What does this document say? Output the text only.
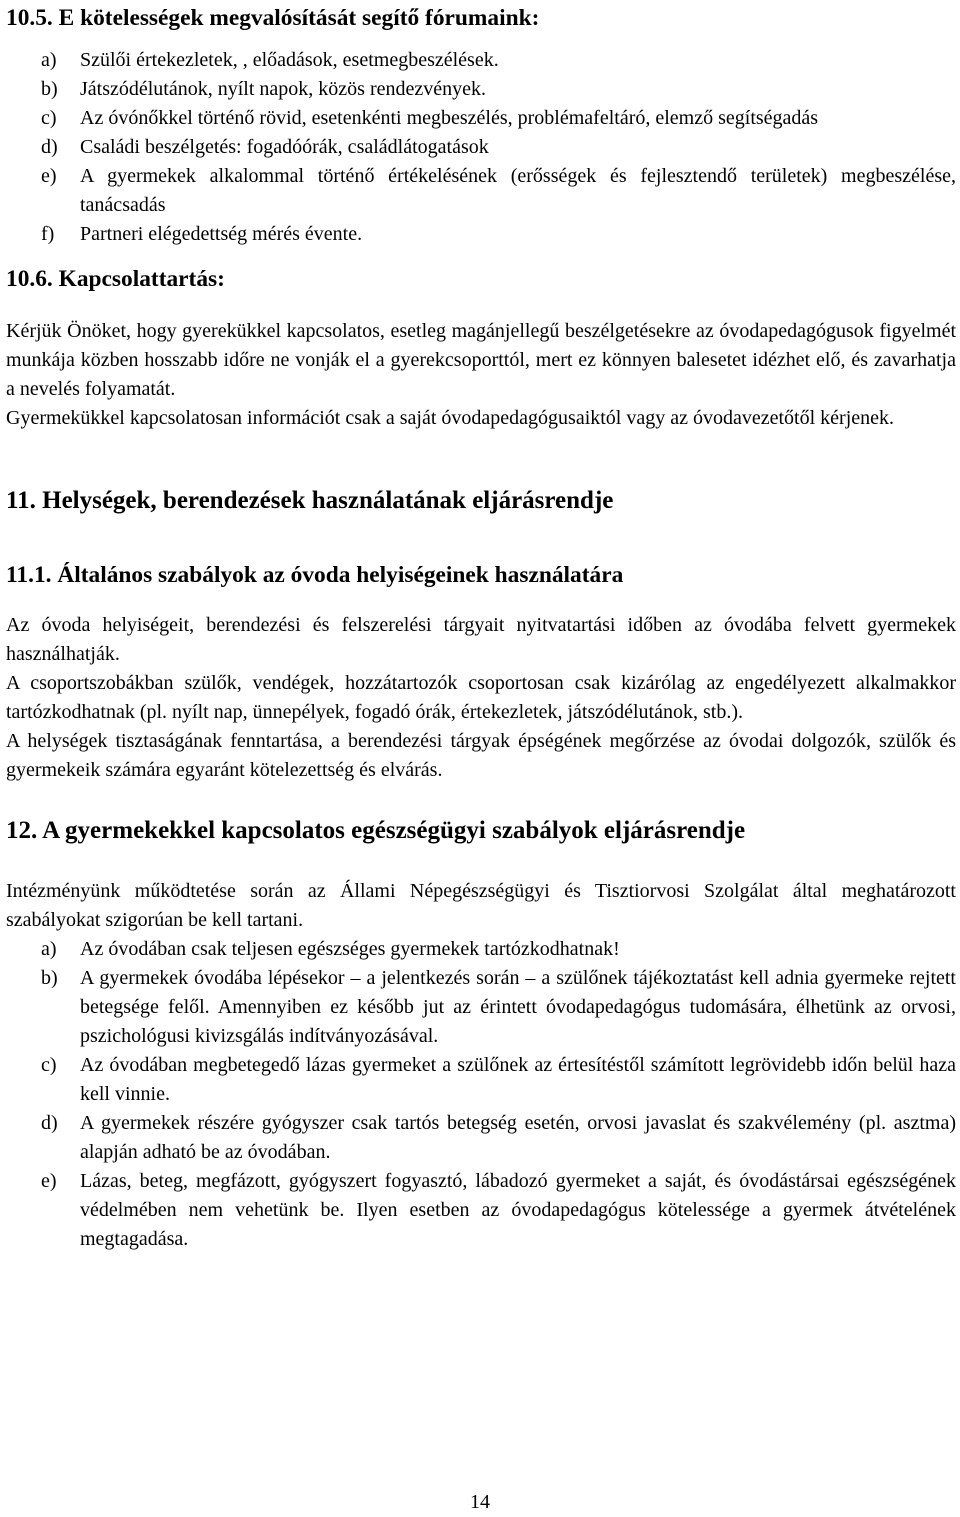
10.5. E kötelességek megvalósítását segítő fórumaink:
a) Szülői értekezletek, , előadások, esetmegbeszélések.
b) Játszódélutánok, nyílt napok, közös rendezvények.
c) Az óvónőkkel történő rövid, esetenkénti megbeszélés, problémafeltáró, elemző segítségadás
d) Családi beszélgetés: fogadóórák, családlátogatások
e) A gyermekek alkalommal történő értékelésének (erősségek és fejlesztendő területek) megbeszélése, tanácsadás
f) Partneri elégedettség mérés évente.
10.6. Kapcsolattartás:

Kérjük Önöket, hogy gyerekükkel kapcsolatos, esetleg magánjellegű beszélgetésekre az óvodapedagógusok figyelmét munkája közben hosszabb időre ne vonják el a gyerekcsoporttól, mert ez könnyen balesetet idézhet elő, és zavarhatja a nevelés folyamatát.

Gyermekükkel kapcsolatosan információt csak a saját óvodapedagógusaiktól vagy az óvodavezetőtől kérjenek.

11. Helységek, berendezések használatának eljárásrendje
11.1. Általános szabályok az óvoda helyiségeinek használatára

Az óvoda helyiségeit, berendezési és felszerelési tárgyait nyitvatartási időben az óvodába felvett gyermekek használhatják.

A csoportszobákban szülők, vendégek, hozzátartozók csoportosan csak kizárólag az engedélyezett alkalmakkor tartózkodhatnak (pl. nyílt nap, ünnepélyek, fogadó órák, értekezletek, játszódélutánok, stb.).

A helységek tisztaságának fenntartása, a berendezési tárgyak épségének megőrzése az óvodai dolgozók, szülők és gyermekeik számára egyaránt kötelezettség és elvárás.

12. A gyermekekkel kapcsolatos egészségügyi szabályok eljárásrendje

Intézményünk működtetése során az Állami Népegészségügyi és Tisztiorvosi Szolgálat által meghatározott szabályokat szigorúan be kell tartani.

a) Az óvodában csak teljesen egészséges gyermekek tartózkodhatnak!
b) A gyermekek óvodába lépésekor – a jelentkezés során – a szülőnek tájékoztatást kell adnia gyermeke rejtett betegsége felől. Amennyiben ez később jut az érintett óvodapedagógus tudomására, élhetünk az orvosi, pszichológusi kivizsgálás indítványozásával.
c) Az óvodában megbetegedő lázas gyermeket a szülőnek az értesítéstől számított legrövidebb időn belül haza kell vinnie.
d) A gyermekek részére gyógyszer csak tartós betegség esetén, orvosi javaslat és szakvélemény (pl. asztma) alapján adható be az óvodában.
e) Lázas, beteg, megfázott, gyógyszert fogyasztó, lábadozó gyermeket a saját, és óvodástársai egészségének védelmében nem vehetünk be. Ilyen esetben az óvodapedagógus kötelessége a gyermek átvételének megtagadása.
14
